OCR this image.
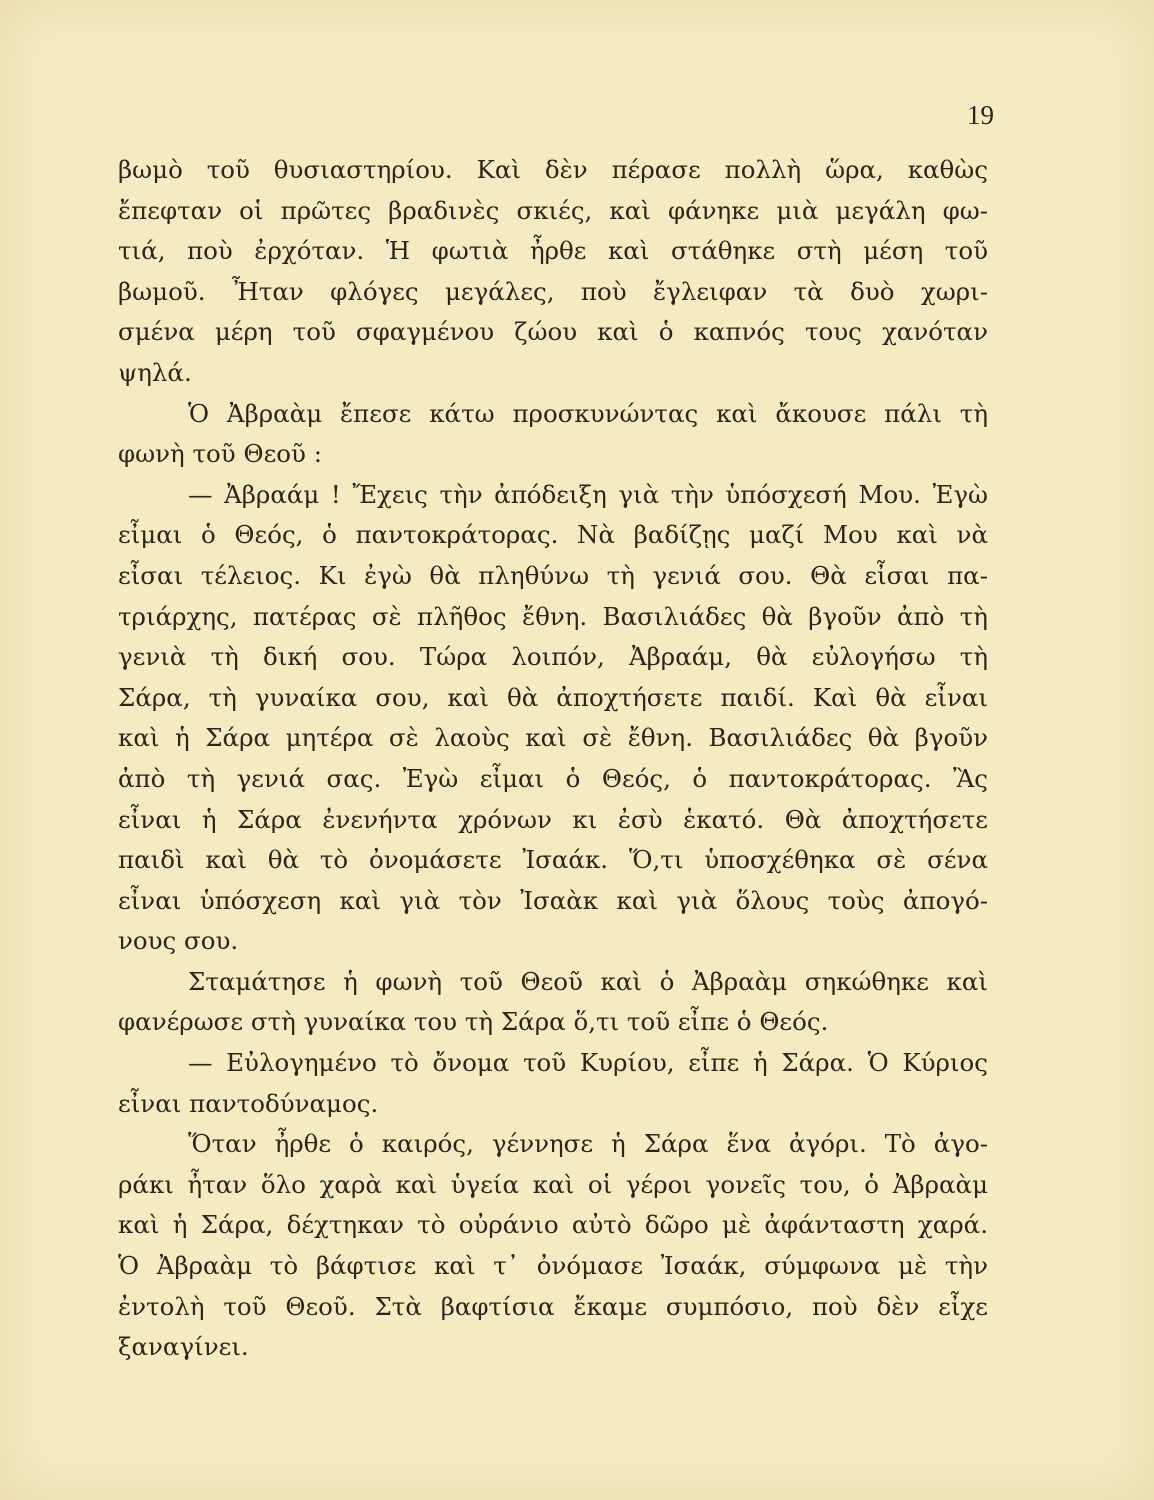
19

βωμὸ τοῦ θυσιαστηρίου. Καὶ δὲν πέρασε πολλὴ ὥρα, καθὼς
ἔπεφταν οἱ πρῶτες βραδινὲς σκιές, καὶ φάνηκε μιὰ μεγάλη φω-
τιά, ποὺ ἐρχόταν. Ἡ φωτιὰ ἦρθε καὶ στάθηκε στὴ μέση τοῦ
βωμοῦ. Ἦταν φλόγες μεγάλες, ποὺ ἔγλειφαν τὰ δυὸ χωρι-
σμένα μέρη τοῦ σφαγμένου ζώου καὶ ὁ καπνός τους χανόταν
ψηλά.

Ὁ Ἀβραὰμ ἔπεσε κάτω προσκυνώντας καὶ ἄκουσε πάλι τὴ
φωνὴ τοῦ Θεοῦ :

— Ἀβραάμ ! Ἔχεις τὴν ἀπόδειξη γιὰ τὴν ὑπόσχεσή Μου. Ἐγὼ
εἶμαι ὁ Θεός, ὁ παντοκράτορας. Νὰ βαδίζῃς μαζί Μου καὶ νὰ
εἶσαι τέλειος. Κι ἐγὼ θὰ πληθύνω τὴ γενιά σου. Θὰ εἶσαι πα-
τριάρχης, πατέρας σὲ πλῆθος ἔθνη. Βασιλιάδες θὰ βγοῦν ἀπὸ τὴ
γενιὰ τὴ δική σου. Τώρα λοιπόν, Ἀβραάμ, θὰ εὐλογήσω τὴ
Σάρα, τὴ γυναίκα σου, καὶ θὰ ἀποχτήσετε παιδί. Καὶ θὰ εἶναι
καὶ ἡ Σάρα μητέρα σὲ λαοὺς καὶ σὲ ἔθνη. Βασιλιάδες θὰ βγοῦν
ἀπὸ τὴ γενιά σας. Ἐγὼ εἶμαι ὁ Θεός, ὁ παντοκράτορας. Ἂς
εἶναι ἡ Σάρα ἐνενήντα χρόνων κι ἐσὺ ἑκατό. Θὰ ἀποχτήσετε
παιδὶ καὶ θὰ τὸ ὀνομάσετε Ἰσαάκ. Ὅ,τι ὑποσχέθηκα σὲ σένα
εἶναι ὑπόσχεση καὶ γιὰ τὸν Ἰσαὰκ καὶ γιὰ ὅλους τοὺς ἀπογό-
νους σου.

Σταμάτησε ἡ φωνὴ τοῦ Θεοῦ καὶ ὁ Ἀβραὰμ σηκώθηκε καὶ
φανέρωσε στὴ γυναίκα του τὴ Σάρα ὅ,τι τοῦ εἶπε ὁ Θεός.

— Εὐλογημένο τὸ ὄνομα τοῦ Κυρίου, εἶπε ἡ Σάρα. Ὁ Κύριος
εἶναι παντοδύναμος.

Ὅταν ἦρθε ὁ καιρός, γέννησε ἡ Σάρα ἕνα ἀγόρι. Τὸ ἀγο-
ράκι ἦταν ὅλο χαρὰ καὶ ὑγεία καὶ οἱ γέροι γονεῖς του, ὁ Ἀβραὰμ
καὶ ἡ Σάρα, δέχτηκαν τὸ οὐράνιο αὐτὸ δῶρο μὲ ἀφάνταστη χαρά.
Ὁ Ἀβραὰμ τὸ βάφτισε καὶ τ᾽ ὀνόμασε Ἰσαάκ, σύμφωνα μὲ τὴν
ἐντολὴ τοῦ Θεοῦ. Στὰ βαφτίσια ἔκαμε συμπόσιο, ποὺ δὲν εἶχε
ξαναγίνει.
